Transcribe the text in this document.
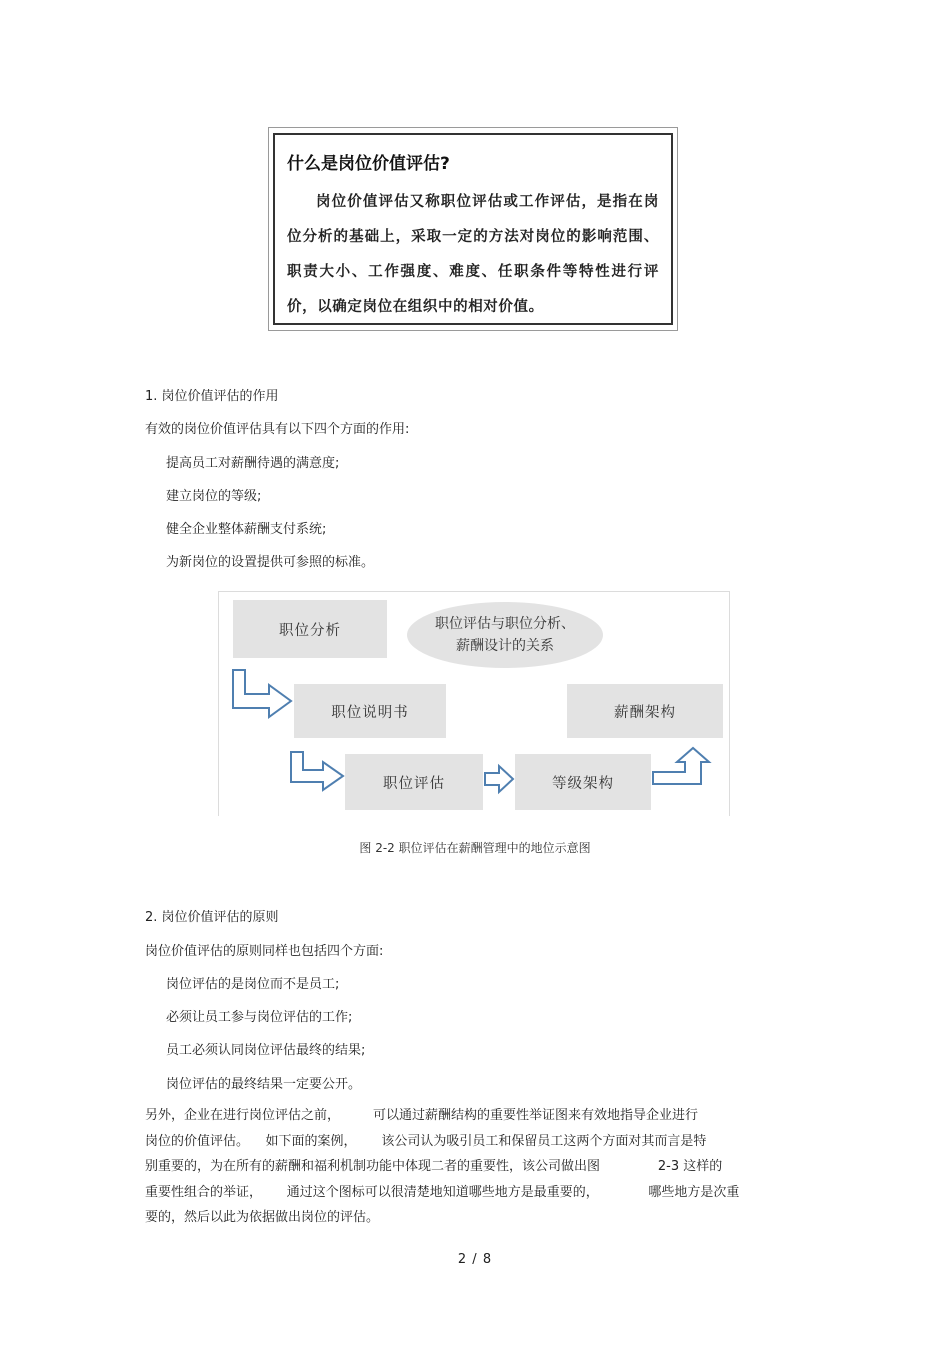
什么是岗位价值评估?
岗位价值评估又称职位评估或工作评估，是指在岗位分析的基础上，采取一定的方法对岗位的影响范围、职责大小、工作强度、难度、任职条件等特性进行评价，以确定岗位在组织中的相对价值。
1. 岗位价值评估的作用
有效的岗位价值评估具有以下四个方面的作用:
提高员工对薪酬待遇的满意度;
建立岗位的等级;
健全企业整体薪酬支付系统;
为新岗位的设置提供可参照的标准。
职位分析	职位评估与职位分析、
薪酬设计的关系
职位说明书	薪酬架构
职位评估	等级架构
图 2-2 职位评估在薪酬管理中的地位示意图
2. 岗位价值评估的原则
岗位价值评估的原则同样也包括四个方面:
岗位评估的是岗位而不是员工;
必须让员工参与岗位评估的工作;
员工必须认同岗位评估最终的结果;
岗位评估的最终结果一定要公开。
另外，企业在进行岗位评估之前，        可以通过薪酬结构的重要性举证图来有效地指导企业进行
岗位的价值评估。    如下面的案例，      该公司认为吸引员工和保留员工这两个方面对其而言是特
别重要的，为在所有的薪酬和福利机制功能中体现二者的重要性，该公司做出图              2-3 这样的
重要性组合的举证，      通过这个图标可以很清楚地知道哪些地方是最重要的，            哪些地方是次重
要的，然后以此为依据做出岗位的评估。
2 / 8
